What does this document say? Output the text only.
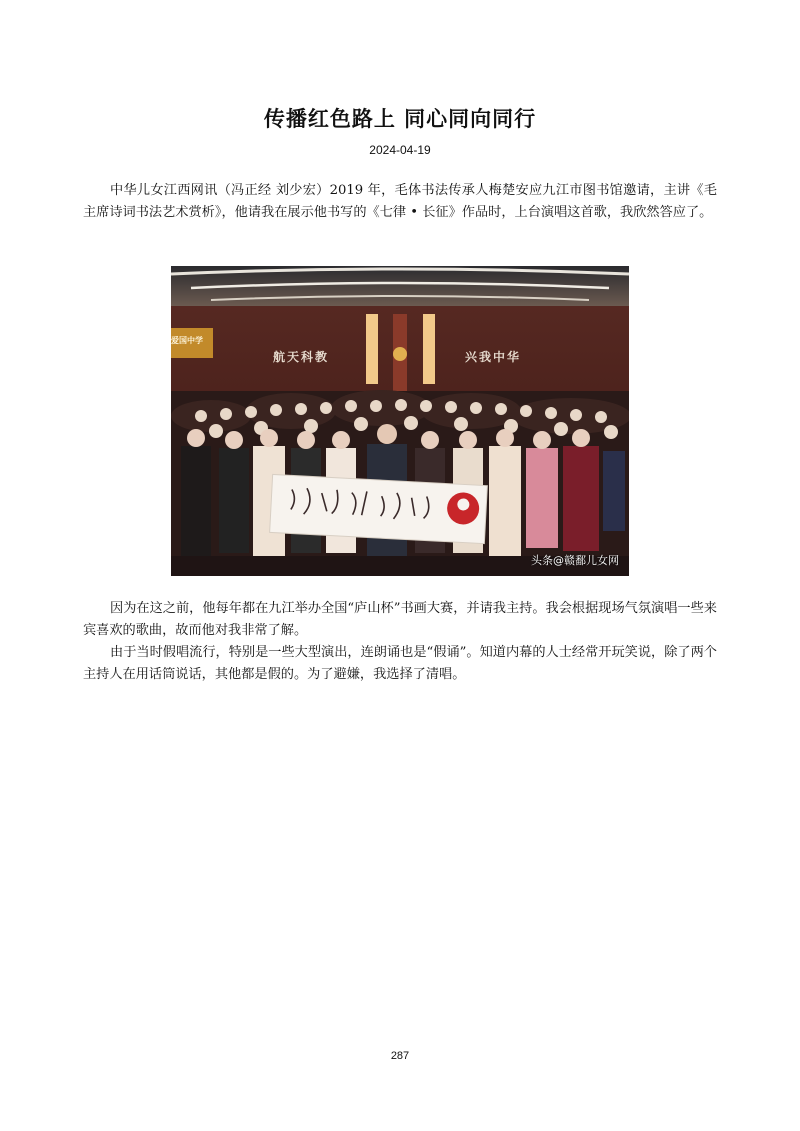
传播红色路上 同心同向同行
2024-04-19

中华儿女江西网讯（冯正经 刘少宏）2019 年，毛体书法传承人梅楚安应九江市图书馆邀请，主讲《毛主席诗词书法艺术赏析》，他请我在展示他书写的《七律 • 长征》作品时，上台演唱这首歌，我欣然答应了。

航天科教	兴我中华
爱国中学
头条@赣鄱儿女网

因为在这之前，他每年都在九江举办全国“庐山杯”书画大赛，并请我主持。我会根据现场气氛演唱一些来宾喜欢的歌曲，故而他对我非常了解。

由于当时假唱流行，特别是一些大型演出，连朗诵也是“假诵”。知道内幕的人士经常开玩笑说，除了两个主持人在用话筒说话，其他都是假的。为了避嫌，我选择了清唱。

287
